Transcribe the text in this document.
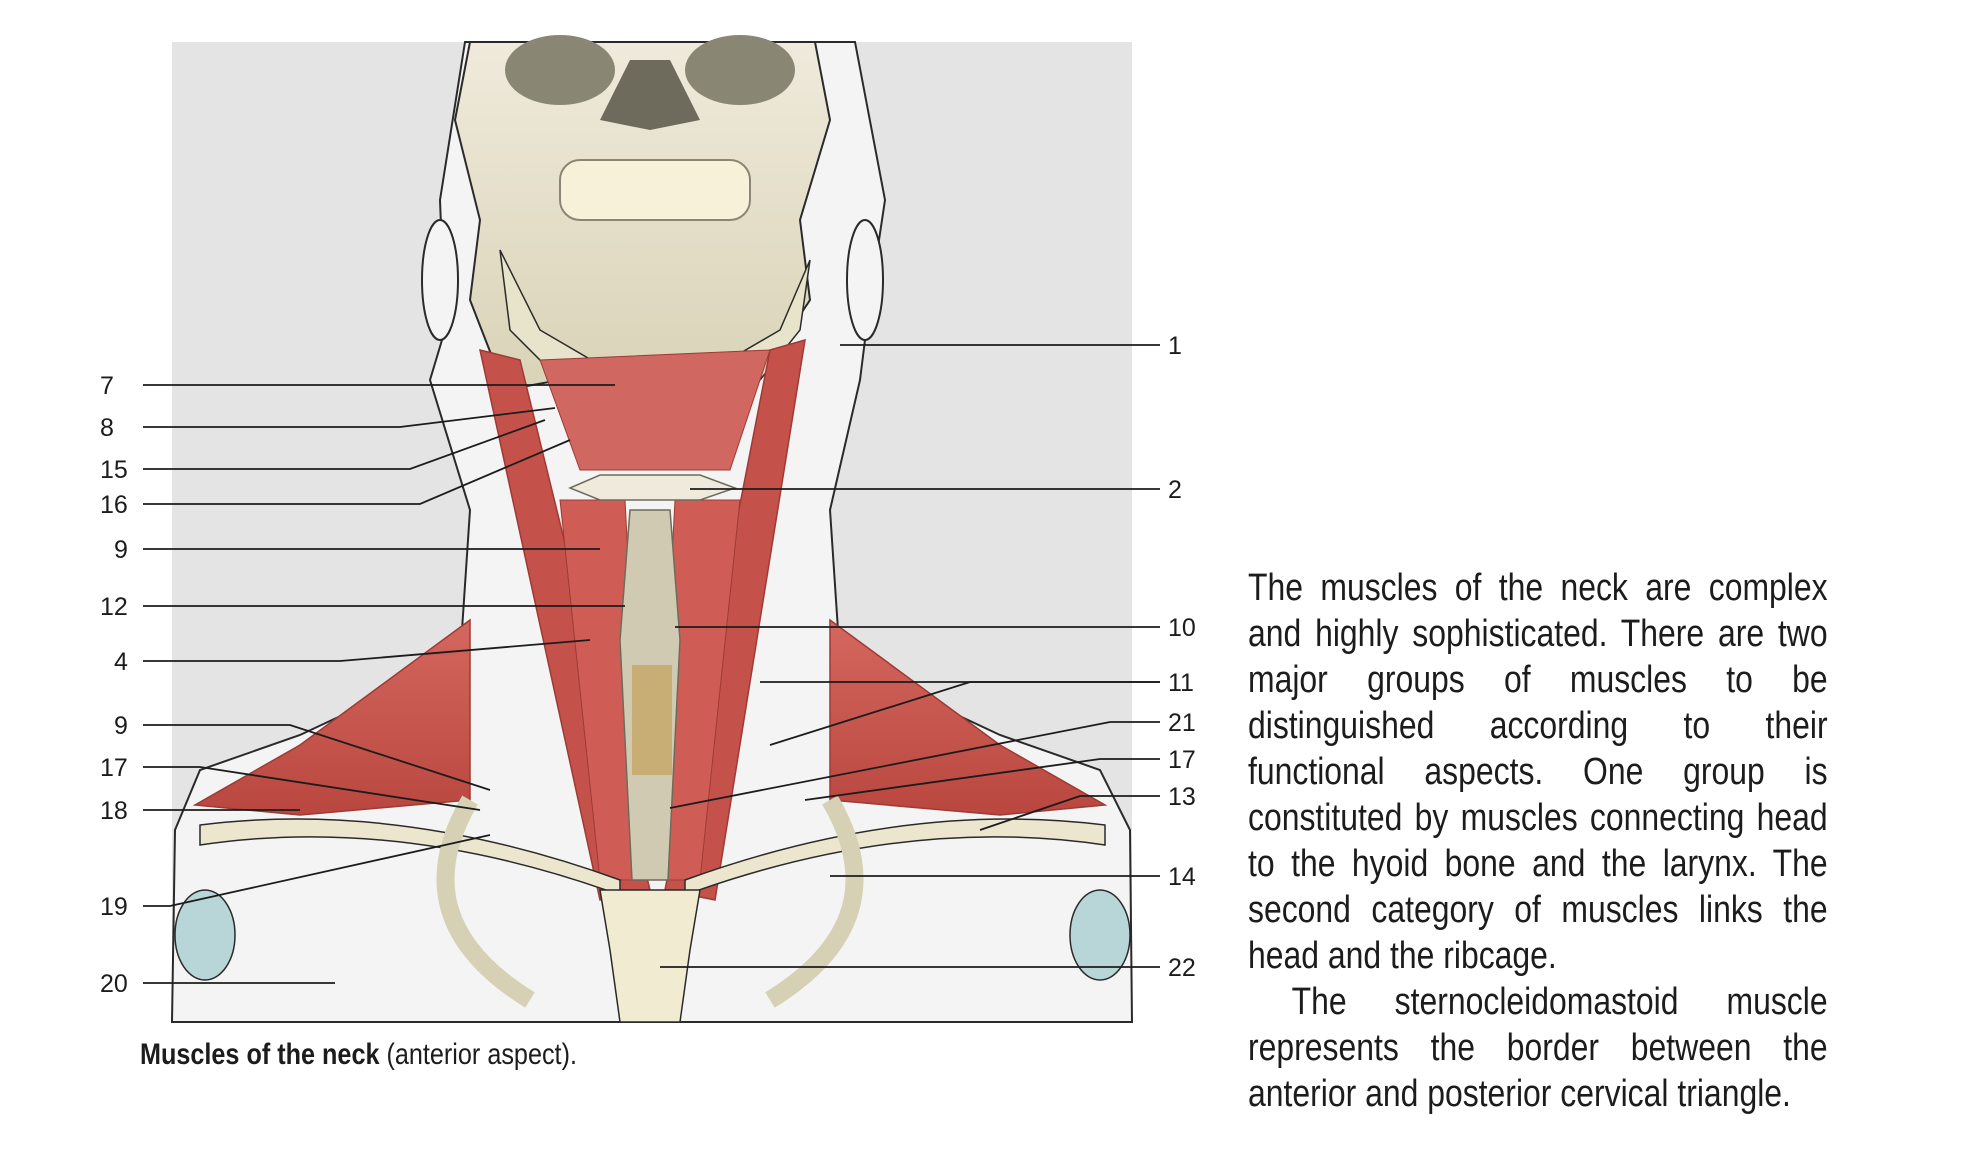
7
8
15
16
9
12
4
9
17
18
19
20
1
2
10
11
21
17
13
14
22

Muscles of the neck (anterior aspect).

The muscles of the neck are complex and highly sophisticated. There are two major groups of muscles to be distinguished according to their functional aspects. One group is constituted by muscles connecting head to the hyoid bone and the larynx. The second category of muscles links the head and the ribcage.

The sternocleidomastoid muscle represents the border between the anterior and posterior cervical triangle.
